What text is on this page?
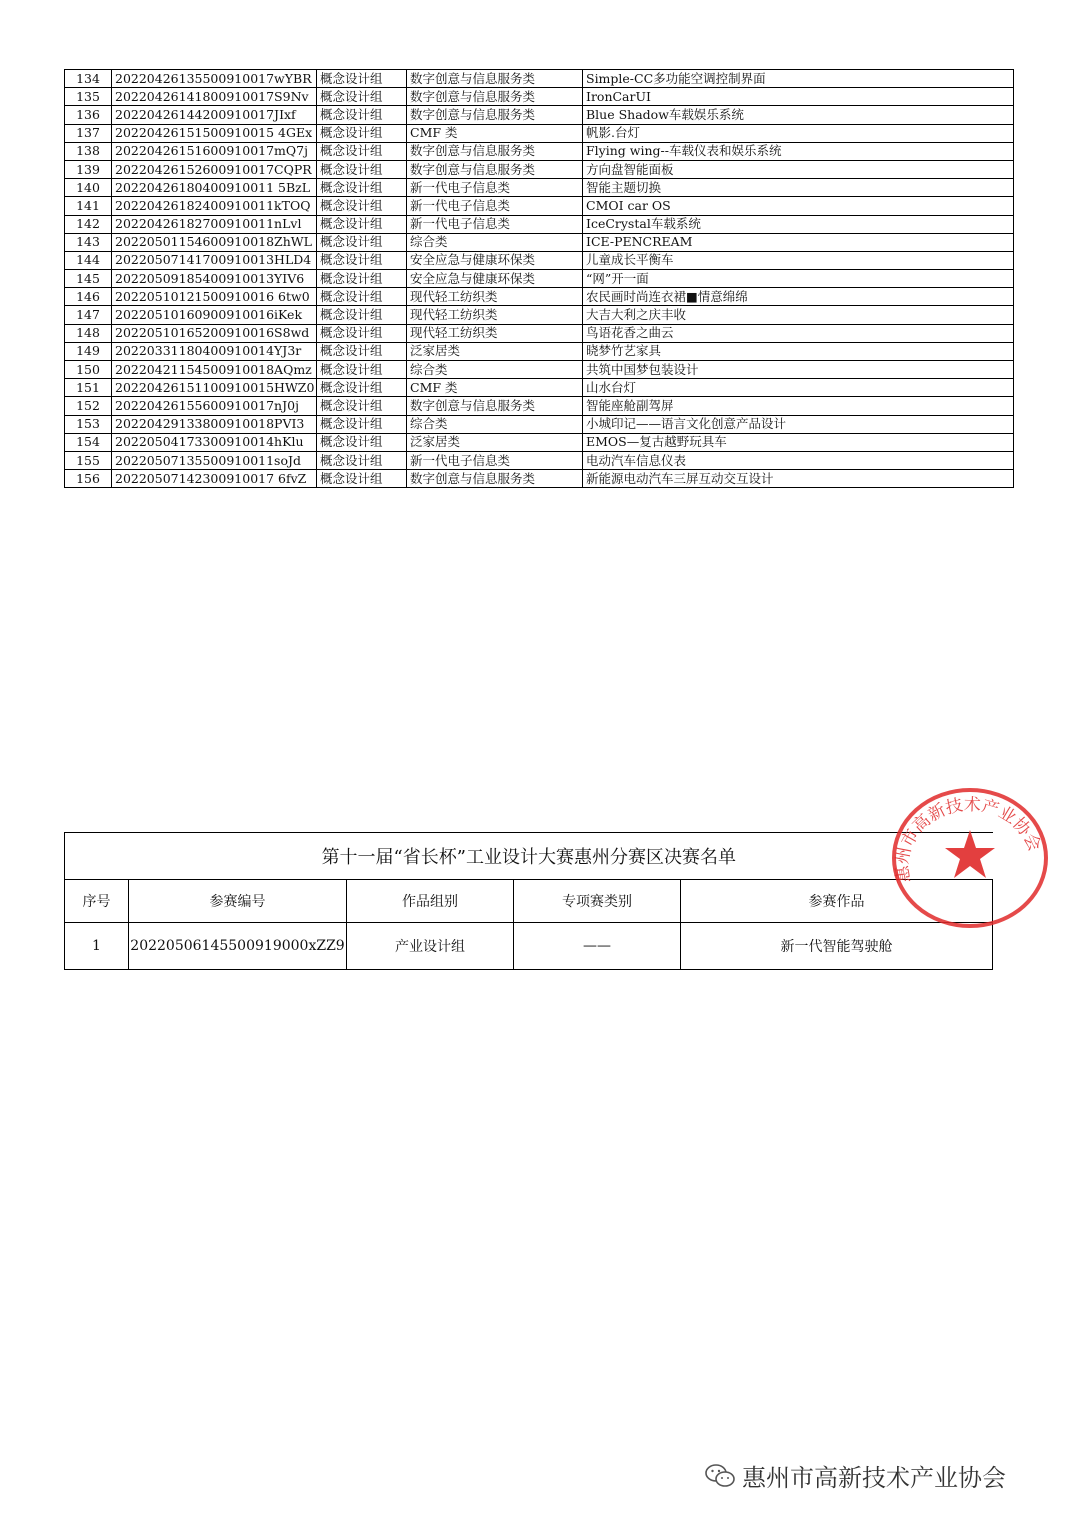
134	20220426135500910017wYBR	概念设计组	数字创意与信息服务类	Simple-CC多功能空调控制界面
135	20220426141800910017S9Nv	概念设计组	数字创意与信息服务类	IronCarUI
136	20220426144200910017JIxf	概念设计组	数字创意与信息服务类	Blue Shadow车载娱乐系统
137	20220426151500910015 4GEx	概念设计组	CMF 类	帆影.台灯
138	20220426151600910017mQ7j	概念设计组	数字创意与信息服务类	Flying wing--车载仪表和娱乐系统
139	20220426152600910017CQPR	概念设计组	数字创意与信息服务类	方向盘智能面板
140	20220426180400910011 5BzL	概念设计组	新一代电子信息类	智能主题切换
141	20220426182400910011kTOQ	概念设计组	新一代电子信息类	CMOI car OS
142	20220426182700910011nLvl	概念设计组	新一代电子信息类	IceCrystal车载系统
143	20220501154600910018ZhWL	概念设计组	综合类	ICE-PENCREAM
144	20220507141700910013HLD4	概念设计组	安全应急与健康环保类	儿童成长平衡车
145	20220509185400910013YIV6	概念设计组	安全应急与健康环保类	“网”开一面
146	20220510121500910016 6tw0	概念设计组	现代轻工纺织类	农民画时尚连衣裙■情意绵绵
147	20220510160900910016iKek	概念设计组	现代轻工纺织类	大吉大利之庆丰收
148	20220510165200910016S8wd	概念设计组	现代轻工纺织类	鸟语花香之曲云
149	20220331180400910014YJ3r	概念设计组	泛家居类	晓梦竹艺家具
150	20220421154500910018AQmz	概念设计组	综合类	共筑中国梦包装设计
151	20220426151100910015HWZ0	概念设计组	CMF 类	山水台灯
152	20220426155600910017nJ0j	概念设计组	数字创意与信息服务类	智能座舱副驾屏
153	20220429133800910018PVI3	概念设计组	综合类	小城印记——语言文化创意产品设计
154	20220504173300910014hKlu	概念设计组	泛家居类	EMOS—复古越野玩具车
155	20220507135500910011soJd	概念设计组	新一代电子信息类	电动汽车信息仪表
156	20220507142300910017 6fvZ	概念设计组	数字创意与信息服务类	新能源电动汽车三屏互动交互设计
第十一届“省长杯”工业设计大赛惠州分赛区决赛名单				
序号	参赛编号	作品组别	专项赛类别	参赛作品
1	20220506145500919000xZZ9	产业设计组	——	新一代智能驾驶舱
惠州市高新技术产业协会
惠州市高新技术产业协会
